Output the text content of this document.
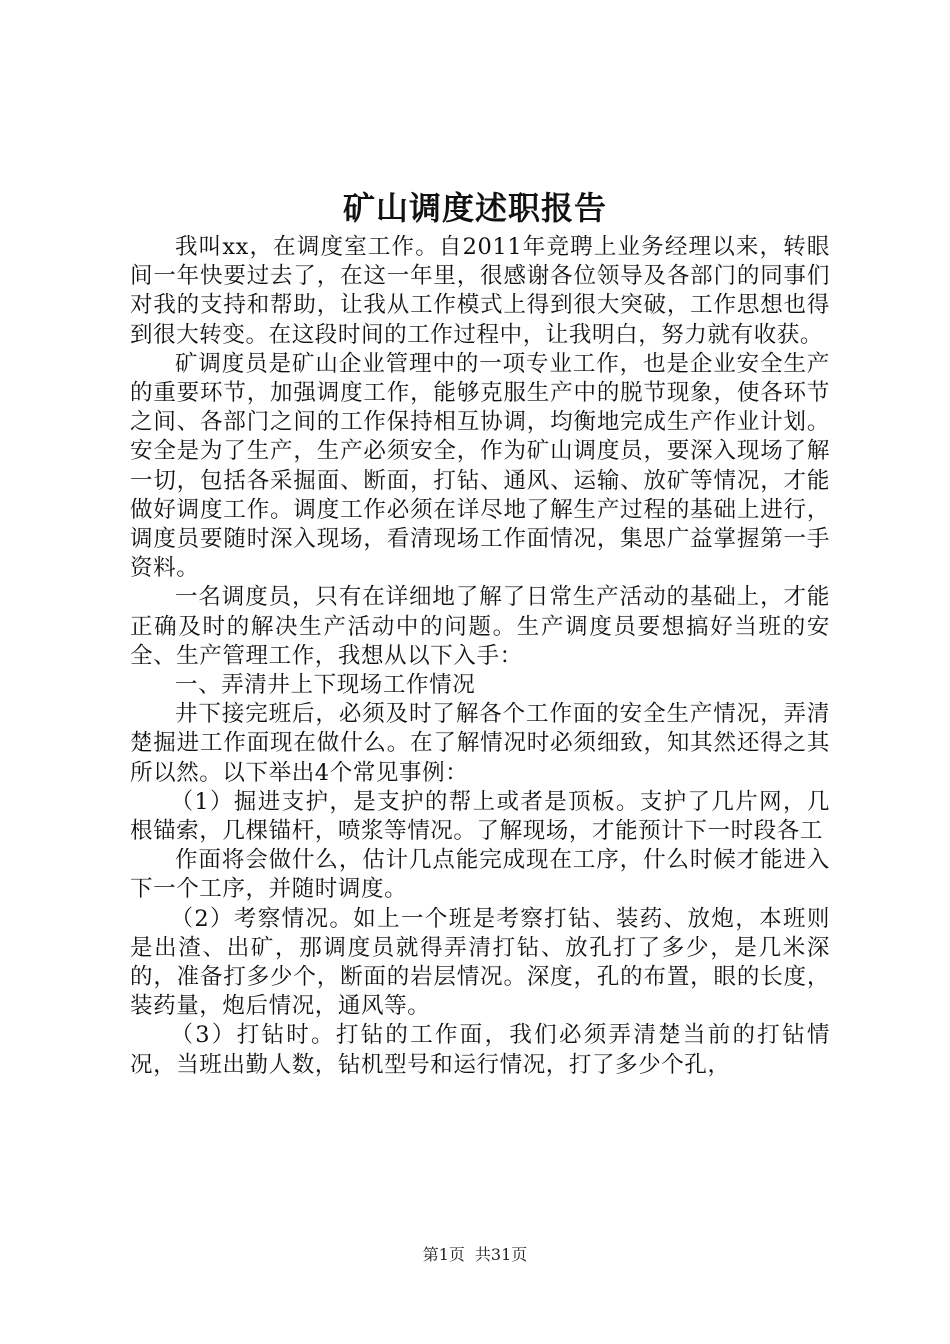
矿山调度述职报告

我叫xx，在调度室工作。自2011年竞聘上业务经理以来，转眼间一年快要过去了，在这一年里，很感谢各位领导及各部门的同事们对我的支持和帮助，让我从工作模式上得到很大突破，工作思想也得到很大转变。在这段时间的工作过程中，让我明白，努力就有收获。

矿调度员是矿山企业管理中的一项专业工作，也是企业安全生产的重要环节，加强调度工作，能够克服生产中的脱节现象，使各环节之间、各部门之间的工作保持相互协调，均衡地完成生产作业计划。安全是为了生产，生产必须安全，作为矿山调度员，要深入现场了解一切，包括各采掘面、断面，打钻、通风、运输、放矿等情况，才能做好调度工作。调度工作必须在详尽地了解生产过程的基础上进行，调度员要随时深入现场，看清现场工作面情况，集思广益掌握第一手资料。

一名调度员，只有在详细地了解了日常生产活动的基础上，才能正确及时的解决生产活动中的问题。生产调度员要想搞好当班的安全、生产管理工作，我想从以下入手：

一、弄清井上下现场工作情况

井下接完班后，必须及时了解各个工作面的安全生产情况，弄清楚掘进工作面现在做什么。在了解情况时必须细致，知其然还得之其所以然。以下举出4个常见事例：

（1）掘进支护，是支护的帮上或者是顶板。支护了几片网，几根锚索，几棵锚杆，喷浆等情况。了解现场，才能预计下一时段各工

作面将会做什么，估计几点能完成现在工序，什么时候才能进入下一个工序，并随时调度。

（2）考察情况。如上一个班是考察打钻、装药、放炮，本班则是出渣、出矿，那调度员就得弄清打钻、放孔打了多少，是几米深的，准备打多少个，断面的岩层情况。深度，孔的布置，眼的长度，装药量，炮后情况，通风等。

（3）打钻时。打钻的工作面，我们必须弄清楚当前的打钻情况，当班出勤人数，钻机型号和运行情况，打了多少个孔，

第1页 共31页
